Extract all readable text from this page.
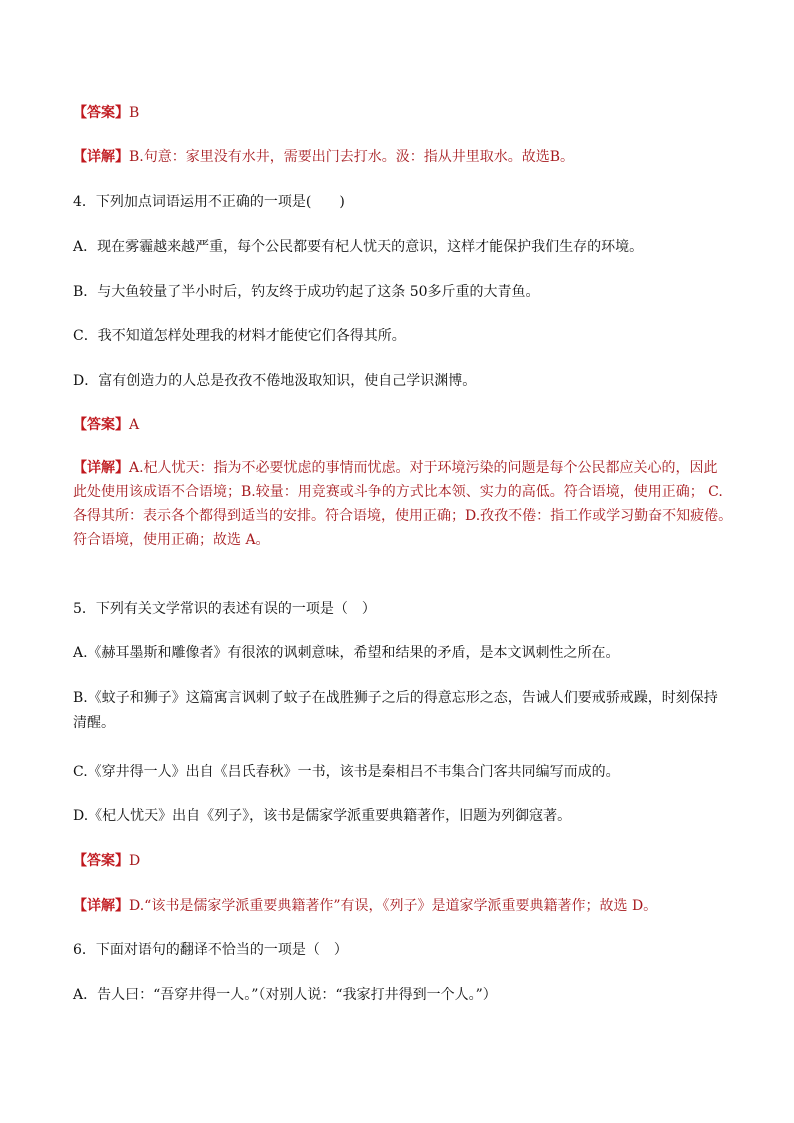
【答案】B
【详解】B.句意：家里没有水井，需要出门去打水。汲：指从井里取水。故选B。
4．下列加点词语运用不正确的一项是(　　)
A．现在雾霾越来越严重，每个公民都要有杞人忧天的意识，这样才能保护我们生存的环境。
B．与大鱼较量了半小时后，钓友终于成功钓起了这条 50多斤重的大青鱼。
C．我不知道怎样处理我的材料才能使它们各得其所。
D．富有创造力的人总是孜孜不倦地汲取知识，使自己学识渊博。
【答案】A
【详解】A.杞人忧天：指为不必要忧虑的事情而忧虑。对于环境污染的问题是每个公民都应关心的，因此
此处使用该成语不合语境；B.较量：用竞赛或斗争的方式比本领、实力的高低。符合语境，使用正确； C.
各得其所：表示各个都得到适当的安排。符合语境，使用正确；D.孜孜不倦：指工作或学习勤奋不知疲倦。
符合语境，使用正确；故选 A。
5．下列有关文学常识的表述有误的一项是（　）
A.《赫耳墨斯和雕像者》有很浓的讽刺意味，希望和结果的矛盾，是本文讽刺性之所在。
B.《蚊子和狮子》这篇寓言讽刺了蚊子在战胜狮子之后的得意忘形之态，告诫人们要戒骄戒躁，时刻保持
清醒。
C.《穿井得一人》出自《吕氏春秋》一书，该书是秦相吕不韦集合门客共同编写而成的。
D.《杞人忧天》出自《列子》，该书是儒家学派重要典籍著作，旧题为列御寇著。
【答案】D
【详解】D.“该书是儒家学派重要典籍著作”有误，《列子》是道家学派重要典籍著作；故选 D。
6．下面对语句的翻译不恰当的一项是（　）
A．告人曰：“吾穿井得一人。”（对别人说：“我家打井得到一个人。”）
